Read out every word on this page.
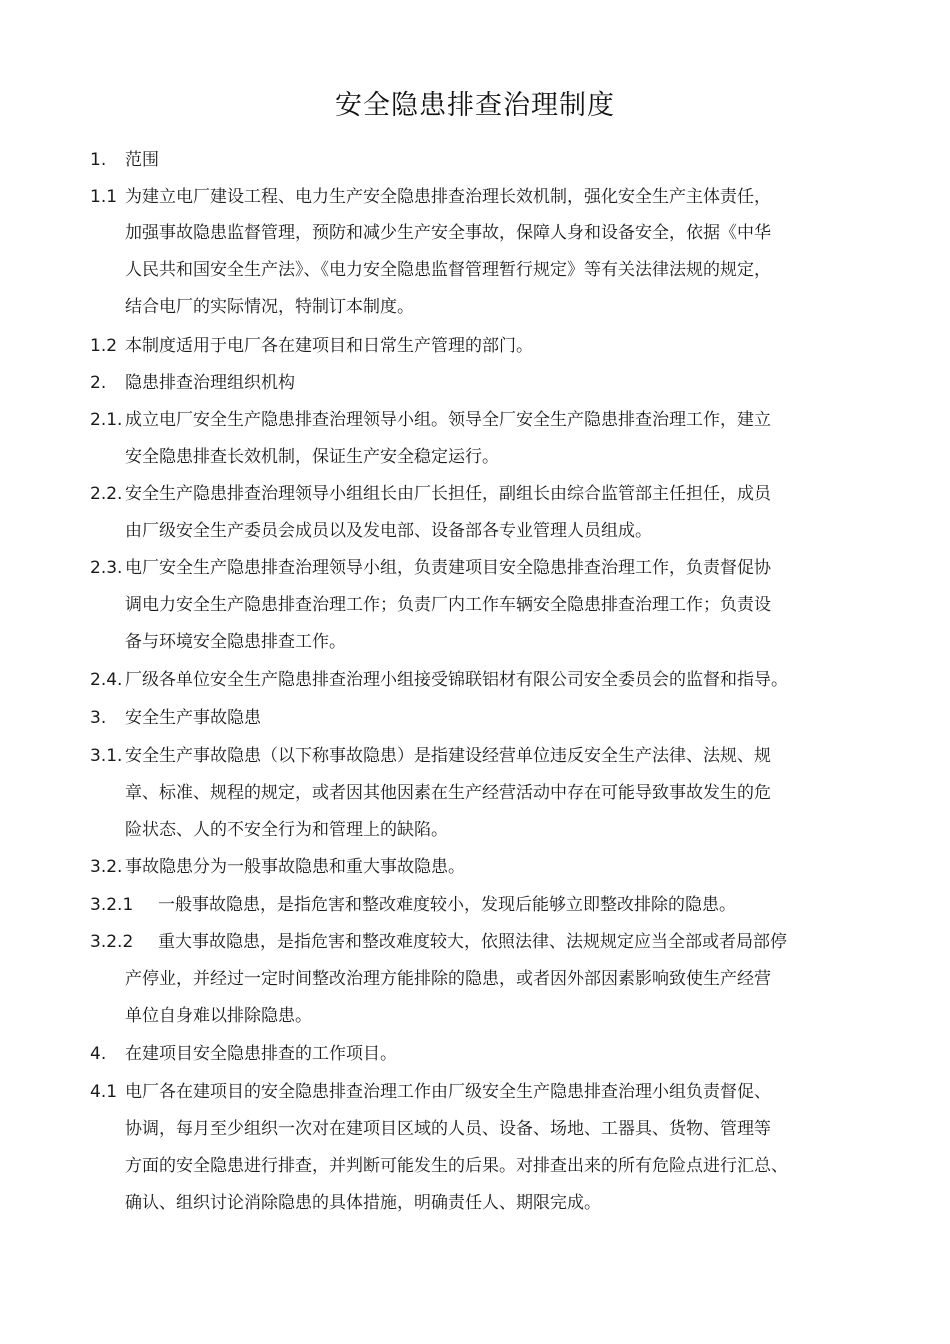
安全隐患排查治理制度
1. 范围
1.1 为建立电厂建设工程、电力生产安全隐患排查治理长效机制，强化安全生产主体责任，
加强事故隐患监督管理，预防和减少生产安全事故，保障人身和设备安全，依据《中华
人民共和国安全生产法》、《电力安全隐患监督管理暂行规定》等有关法律法规的规定，
结合电厂的实际情况，特制订本制度。
1.2 本制度适用于电厂各在建项目和日常生产管理的部门。
2. 隐患排查治理组织机构
2.1. 成立电厂安全生产隐患排查治理领导小组。领导全厂安全生产隐患排查治理工作，建立
安全隐患排查长效机制，保证生产安全稳定运行。
2.2. 安全生产隐患排查治理领导小组组长由厂长担任，副组长由综合监管部主任担任，成员
由厂级安全生产委员会成员以及发电部、设备部各专业管理人员组成。
2.3. 电厂安全生产隐患排查治理领导小组，负责建项目安全隐患排查治理工作，负责督促协
调电力安全生产隐患排查治理工作；负责厂内工作车辆安全隐患排查治理工作；负责设
备与环境安全隐患排查工作。
2.4. 厂级各单位安全生产隐患排查治理小组接受锦联铝材有限公司安全委员会的监督和指导。
3. 安全生产事故隐患
3.1. 安全生产事故隐患（以下称事故隐患）是指建设经营单位违反安全生产法律、法规、规
章、标准、规程的规定，或者因其他因素在生产经营活动中存在可能导致事故发生的危
险状态、人的不安全行为和管理上的缺陷。
3.2. 事故隐患分为一般事故隐患和重大事故隐患。
3.2.1 一般事故隐患，是指危害和整改难度较小，发现后能够立即整改排除的隐患。
3.2.2 重大事故隐患，是指危害和整改难度较大，依照法律、法规规定应当全部或者局部停
产停业，并经过一定时间整改治理方能排除的隐患，或者因外部因素影响致使生产经营
单位自身难以排除隐患。
4. 在建项目安全隐患排查的工作项目。
4.1 电厂各在建项目的安全隐患排查治理工作由厂级安全生产隐患排查治理小组负责督促、
协调，每月至少组织一次对在建项目区域的人员、设备、场地、工器具、货物、管理等
方面的安全隐患进行排查，并判断可能发生的后果。对排查出来的所有危险点进行汇总、
确认、组织讨论消除隐患的具体措施，明确责任人、期限完成。
